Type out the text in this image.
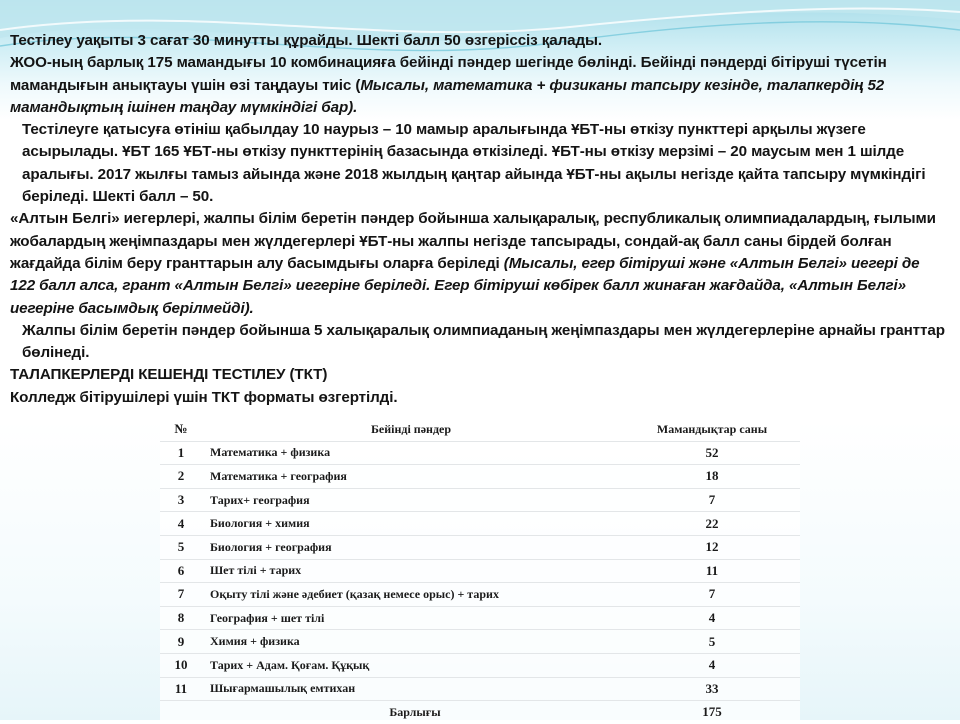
Тестілеу уақыты 3 сағат 30 минутты құрайды. Шекті балл 50 өзгеріссіз қалады.

ЖОО-ның барлық 175 мамандығы 10 комбинацияға бейінді пәндер шегінде бөлінді. Бейінді пәндерді бітіруші түсетін мамандығын анықтауы үшін өзі таңдауы тиіс (Мысалы, математика + физиканы тапсыру кезінде, талапкердің 52 мамандықтың ішінен таңдау мүмкіндігі бар).

Тестілеуге қатысуға өтініш қабылдау 10 наурыз – 10 мамыр аралығында ҰБТ-ны өткізу пункттері арқылы жүзеге асырылады. ҰБТ 165 ҰБТ-ны өткізу пункттерінің базасында өткізіледі. ҰБТ-ны өткізу мерзімі – 20 маусым мен 1 шілде аралығы. 2017 жылғы тамыз айында және 2018 жылдың қаңтар айында ҰБТ-ны ақылы негізде қайта тапсыру мүмкіндігі беріледі. Шекті балл – 50.

«Алтын Белгі» иегерлері, жалпы білім беретін пәндер бойынша халықаралық, республикалық олимпиадалардың, ғылыми жобалардың жеңімпаздары мен жүлдегерлері ҰБТ-ны жалпы негізде тапсырады, сондай-ақ балл саны бірдей болған жағдайда білім беру гранттарын алу басымдығы оларға беріледі (Мысалы, егер бітіруші және «Алтын Белгі» иегері де 122 балл алса, грант «Алтын Белгі» иегеріне беріледі. Егер бітіруші көбірек балл жинаған жағдайда, «Алтын Белгі» иегеріне басымдық берілмейді).

Жалпы білім беретін пәндер бойынша 5 халықаралық олимпиаданың жеңімпаздары мен жүлдегерлеріне арнайы гранттар бөлінеді.

ТАЛАПКЕРЛЕРДІ КЕШЕНДІ ТЕСТІЛЕУ (ТКТ)

Колледж бітірушілері үшін ТКТ форматы өзгертілді.

№	Бейінді пәндер	Мамандықтар саны
1	Математика + физика	52
2	Математика + география	18
3	Тарих+ география	7
4	Биология + химия	22
5	Биология + география	12
6	Шет тілі + тарих	11
7	Оқыту тілі және әдебиет (қазақ немесе орыс) + тарих	7
8	География + шет тілі	4
9	Химия + физика	5
10	Тарих + Адам. Қоғам. Құқық	4
11	Шығармашылық емтихан	33
	Барлығы	175
